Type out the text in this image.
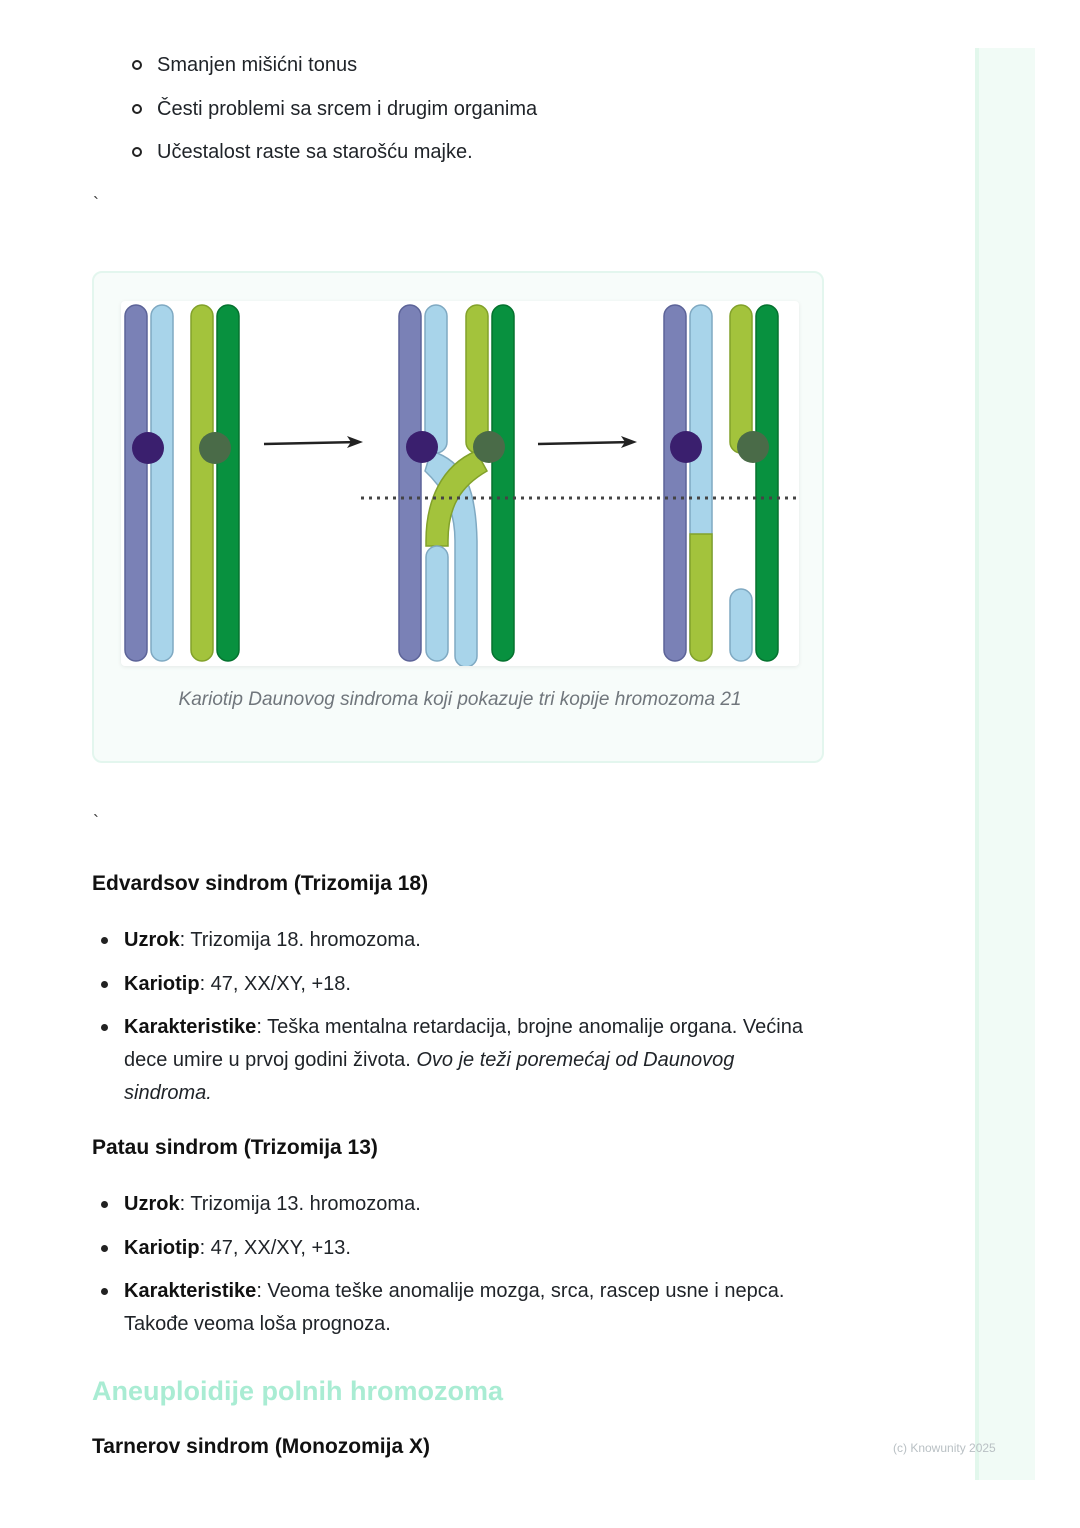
Smanjen mišićni tonus
Česti problemi sa srcem i drugim organima
Učestalost raste sa starošću majke.
`
Kariotip Daunovog sindroma koji pokazuje tri kopije hromozoma 21
`
Edvardsov sindrom (Trizomija 18)
Uzrok: Trizomija 18. hromozoma.
Kariotip: 47, XX/XY, +18.
Karakteristike: Teška mentalna retardacija, brojne anomalije organa. Većina dece umire u prvoj godini života. Ovo je teži poremećaj od Daunovog sindroma.
Patau sindrom (Trizomija 13)
Uzrok: Trizomija 13. hromozoma.
Kariotip: 47, XX/XY, +13.
Karakteristike: Veoma teške anomalije mozga, srca, rascep usne i nepca. Takođe veoma loša prognoza.
Aneuploidije polnih hromozoma
Tarnerov sindrom (Monozomija X)	(c) Knowunity 2025
